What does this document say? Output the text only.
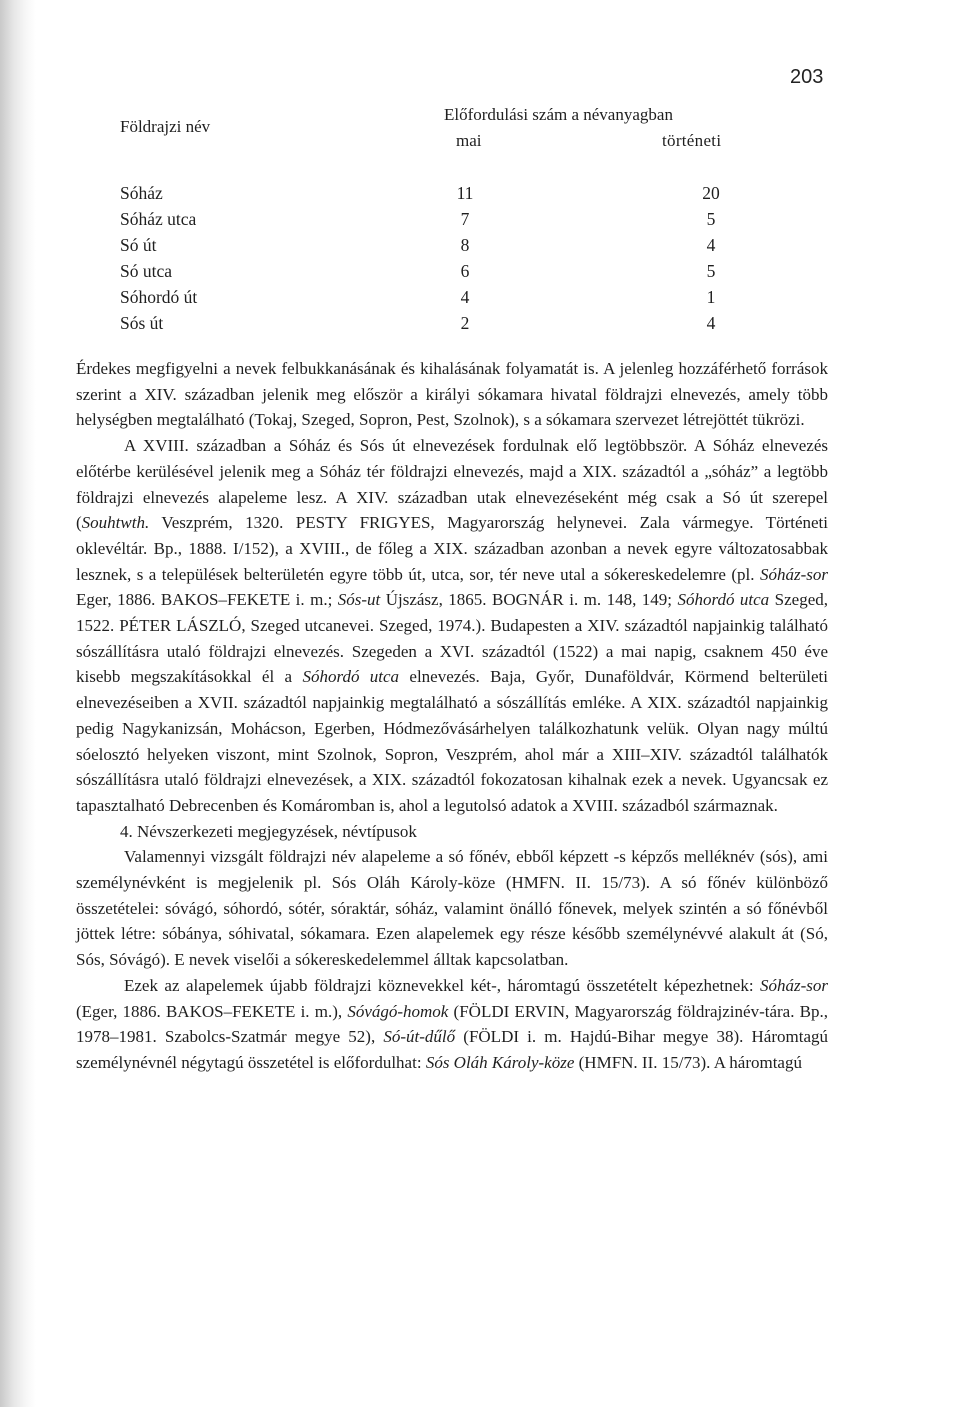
203
Földrajzi név
Előfordulási szám a névanyagban
mai	történeti
Sóház	11	20
Sóház utca	7	5
Só út	8	4
Só utca	6	5
Sóhordó út	4	1
Sós út	2	4

Érdekes megfigyelni a nevek felbukkanásának és kihalásának folyamatát is. A jelenleg hozzáférhető források szerint a XIV. században jelenik meg először a királyi sókamara hivatal földrajzi elnevezés, amely több helységben megtalálható (Tokaj, Szeged, Sopron, Pest, Szolnok), s a sókamara szervezet létrejöttét tükrözi.

A XVIII. században a Sóház és Sós út elnevezések fordulnak elő legtöbbször. A Sóház elnevezés előtérbe kerülésével jelenik meg a Sóház tér földrajzi elnevezés, majd a XIX. századtól a „sóház” a legtöbb földrajzi elnevezés alapeleme lesz. A XIV. században utak elnevezéseként még csak a Só út szerepel (Souhtwth. Veszprém, 1320. PESTY FRIGYES, Magyarország helynevei. Zala vármegye. Történeti oklevéltár. Bp., 1888. I/152), a XVIII., de főleg a XIX. században azonban a nevek egyre változatosabbak lesznek, s a települések belterületén egyre több út, utca, sor, tér neve utal a sókereskedelemre (pl. Sóház-sor Eger, 1886. BAKOS–FEKETE i. m.; Sós-ut Újszász, 1865. BOGNÁR i. m. 148, 149; Sóhordó utca Szeged, 1522. PÉTER LÁSZLÓ, Szeged utcanevei. Szeged, 1974.). Budapesten a XIV. századtól napjainkig található sószállításra utaló földrajzi elnevezés. Szegeden a XVI. századtól (1522) a mai napig, csaknem 450 éve kisebb megszakításokkal él a Sóhordó utca elnevezés. Baja, Győr, Dunaföldvár, Körmend belterületi elnevezéseiben a XVII. századtól napjainkig megtalálható a sószállítás emléke. A XIX. századtól napjainkig pedig Nagykanizsán, Mohácson, Egerben, Hódmezővásárhelyen találkozhatunk velük. Olyan nagy múltú sóelosztó helyeken viszont, mint Szolnok, Sopron, Veszprém, ahol már a XIII–XIV. századtól találhatók sószállításra utaló földrajzi elnevezések, a XIX. századtól fokozatosan kihalnak ezek a nevek. Ugyancsak ez tapasztalható Debrecenben és Komáromban is, ahol a legutolsó adatok a XVIII. századból származnak.

4. Névszerkezeti megjegyzések, névtípusok

Valamennyi vizsgált földrajzi név alapeleme a só főnév, ebből képzett -s képzős melléknév (sós), ami személynévként is megjelenik pl. Sós Oláh Károly-köze (HMFN. II. 15/73). A só főnév különböző összetételei: sóvágó, sóhordó, sótér, sóraktár, sóház, valamint önálló főnevek, melyek szintén a só főnévből jöttek létre: sóbánya, sóhivatal, sókamara. Ezen alapelemek egy része később személynévvé alakult át (Só, Sós, Sóvágó). E nevek viselői a sókereskedelemmel álltak kapcsolatban.

Ezek az alapelemek újabb földrajzi köznevekkel két-, háromtagú összetételt képezhetnek: Sóház-sor (Eger, 1886. BAKOS–FEKETE i. m.), Sóvágó-homok (FÖLDI ERVIN, Magyarország földrajzinév-tára. Bp., 1978–1981. Szabolcs-Szatmár megye 52), Só-út-dűlő (FÖLDI i. m. Hajdú-Bihar megye 38). Háromtagú személynévnél négytagú összetétel is előfordulhat: Sós Oláh Károly-köze (HMFN. II. 15/73). A háromtagú
